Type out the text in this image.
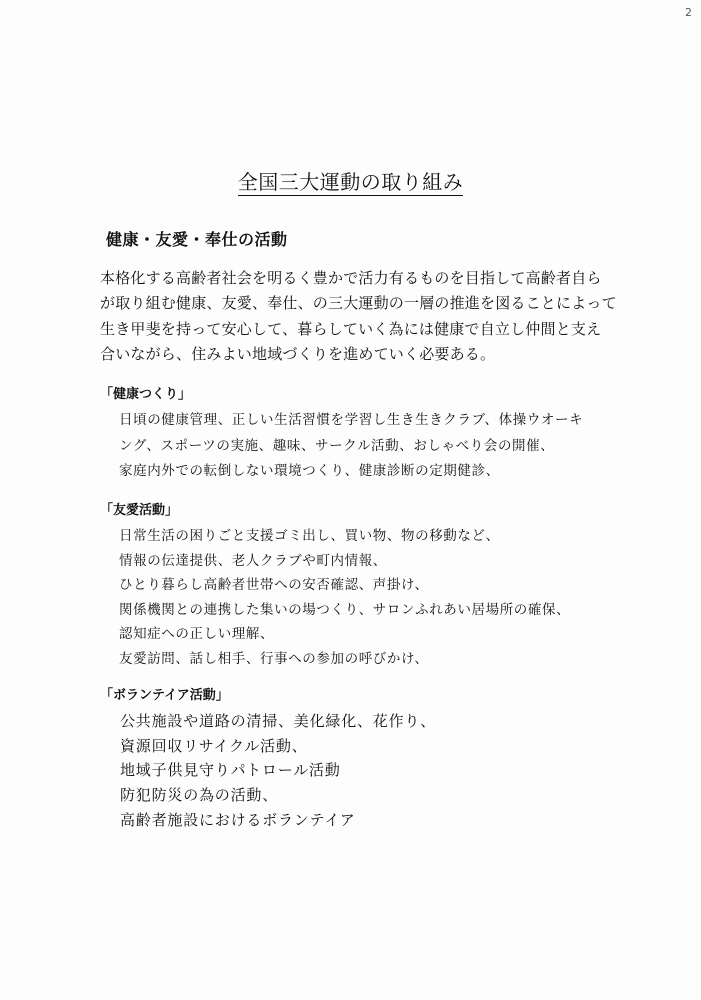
2
全国三大運動の取り組み
健康・友愛・奉仕の活動
本格化する高齢者社会を明るく豊かで活力有るものを目指して高齢者自ら
が取り組む健康、友愛、奉仕、の三大運動の一層の推進を図ることによって
生き甲斐を持って安心して、暮らしていく為には健康で自立し仲間と支え
合いながら、住みよい地域づくりを進めていく必要ある。
「健康つくり」
日頃の健康管理、正しい生活習慣を学習し生き生きクラブ、体操ウオーキ
ング、スポーツの実施、趣味、サークル活動、おしゃべり会の開催、
家庭内外での転倒しない環境つくり、健康診断の定期健診、
「友愛活動」
日常生活の困りごと支援ゴミ出し、買い物、物の移動など、
情報の伝達提供、老人クラブや町内情報、
ひとり暮らし高齢者世帯への安否確認、声掛け、
関係機関との連携した集いの場つくり、サロンふれあい居場所の確保、
認知症への正しい理解、
友愛訪問、話し相手、行事への参加の呼びかけ、
「ボランテイア活動」
公共施設や道路の清掃、美化緑化、花作り、
資源回収リサイクル活動、
地域子供見守りパトロール活動
防犯防災の為の活動、
高齢者施設におけるボランテイア
